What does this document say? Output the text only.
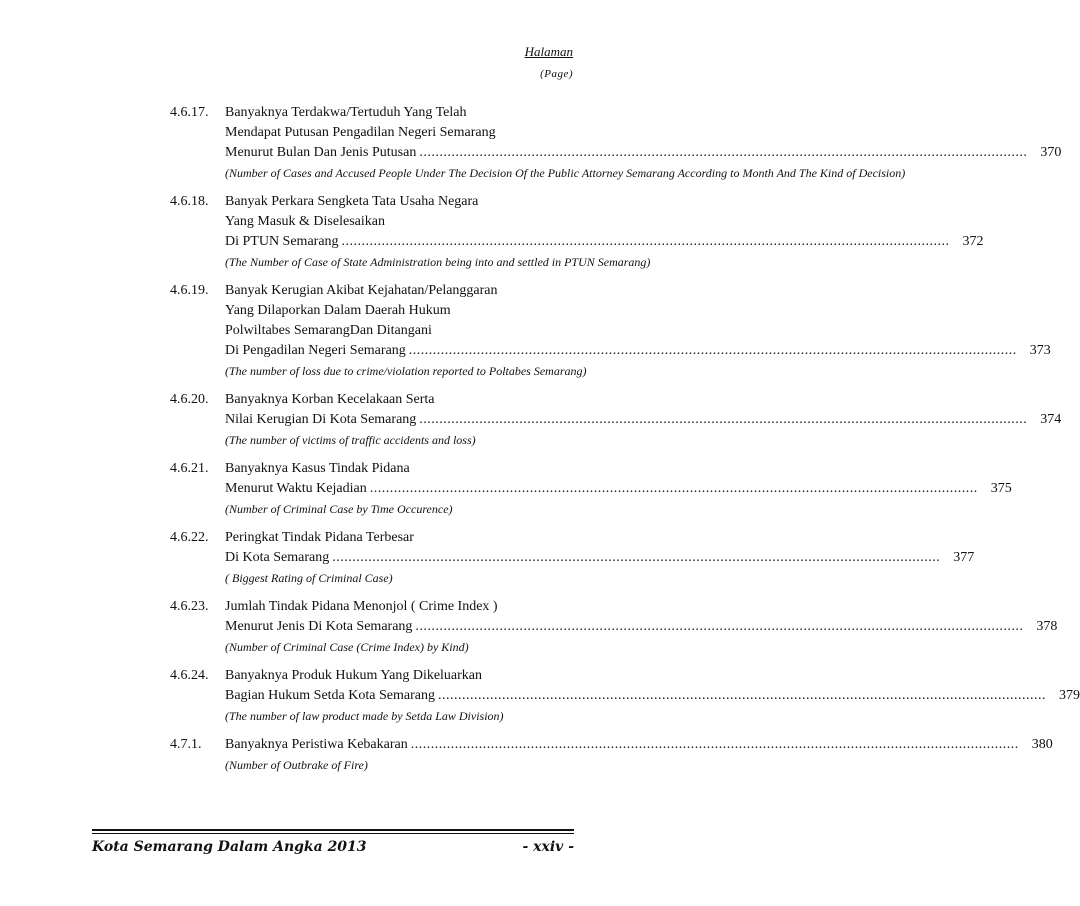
Halaman
(Page)
4.6.17.	Banyaknya Terdakwa/Tertuduh Yang Telah
Mendapat Putusan Pengadilan Negeri Semarang
Menurut Bulan Dan Jenis Putusan .....	370
(Number of Cases and Accused People Under The Decision Of the Public Attorney Semarang According to Month And The Kind of Decision)
4.6.18.	Banyak Perkara Sengketa Tata Usaha Negara
Yang Masuk & Diselesaikan
Di PTUN Semarang .....	372
(The Number of Case of State Administration being into and settled in PTUN Semarang)
4.6.19.	Banyak Kerugian Akibat Kejahatan/Pelanggaran
Yang Dilaporkan Dalam Daerah Hukum
Polwiltabes SemarangDan Ditangani
Di Pengadilan Negeri Semarang .....	373
(The number of loss due to crime/violation reported to Poltabes Semarang)
4.6.20.	Banyaknya Korban Kecelakaan Serta
Nilai Kerugian Di Kota Semarang .....	374
(The number of victims of traffic accidents and loss)
4.6.21.	Banyaknya Kasus Tindak Pidana
Menurut Waktu Kejadian .....	375
(Number of Criminal Case by Time Occurence)
4.6.22.	Peringkat Tindak Pidana Terbesar
Di Kota Semarang .....	377
( Biggest Rating of Criminal Case)
4.6.23.	Jumlah Tindak Pidana Menonjol ( Crime Index )
Menurut Jenis Di Kota Semarang .....	378
(Number of Criminal Case (Crime Index) by Kind)
4.6.24.	Banyaknya Produk Hukum Yang Dikeluarkan
Bagian Hukum Setda Kota Semarang .....	379
(The number of law product made by Setda Law Division)
4.7.1.	Banyaknya Peristiwa Kebakaran .....	380
(Number of Outbrake of Fire)
Kota Semarang Dalam Angka 2013	- xxiv -
